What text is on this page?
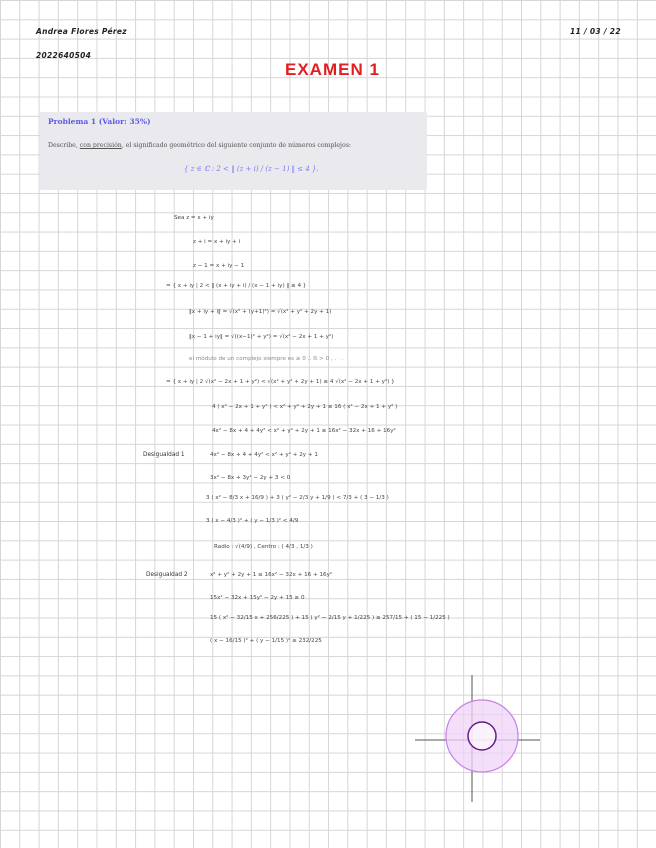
Andrea Flores Pérez
2022640504
11 / 03 / 22
EXAMEN 1
Problema 1 (Valor: 35%)
Describe, con precisión, el significado geométrico del siguiente conjunto de números complejos:
{ z ∈ ℂ : 2 < ‖ (z + i) / (z − 1) ‖ ≤ 4 }.
Sea z = x + iy
z + i = x + iy + i
z − 1 = x + iy − 1
= { x + iy | 2 < ‖ (x + iy + i) / (x − 1 + iy) ‖ ≤ 4 }
‖x + iy + i‖ = √(x² + (y+1)²) = √(x² + y² + 2y + 1)
‖x − 1 + iy‖ = √((x−1)² + y²) = √(x² − 2x + 1 + y²)
el módulo de un complejo siempre es ≥ 0 ∴ ℝ > 0 , . · .
= { x + iy | 2 √(x² − 2x + 1 + y²) < √(x² + y² + 2y + 1) ≤ 4 √(x² − 2x + 1 + y²) }
4 ( x² − 2x + 1 + y² ) < x² + y² + 2y + 1 ≤ 16 ( x² − 2x + 1 + y² )
4x² − 8x + 4 + 4y² < x² + y² + 2y + 1 ≤ 16x² − 32x + 16 + 16y²
Desigualdad 1	4x² − 8x + 4 + 4y² < x² + y² + 2y + 1
3x² − 8x + 3y² − 2y + 3 < 0
3 ( x² − 8/3 x + 16/9 ) + 3 ( y² − 2/3 y + 1/9 ) < 7/3 + ( 3 − 1/3 )
3 ( x − 4/3 )² + ( y − 1/3 )² < 4/9
Radio : √(4/9) , Centro : ( 4/3 , 1/3 )
Desigualdad 2	x² + y² + 2y + 1 ≤ 16x² − 32x + 16 + 16y²
15x² − 32x + 15y² − 2y + 15 ≥ 0
15 ( x² − 32/15 x + 256/225 ) + 15 ( y² − 2/15 y + 1/225 ) ≥ 257/15 + ( 15 − 1/225 )
( x − 16/15 )² + ( y − 1/15 )² ≥ 232/225
